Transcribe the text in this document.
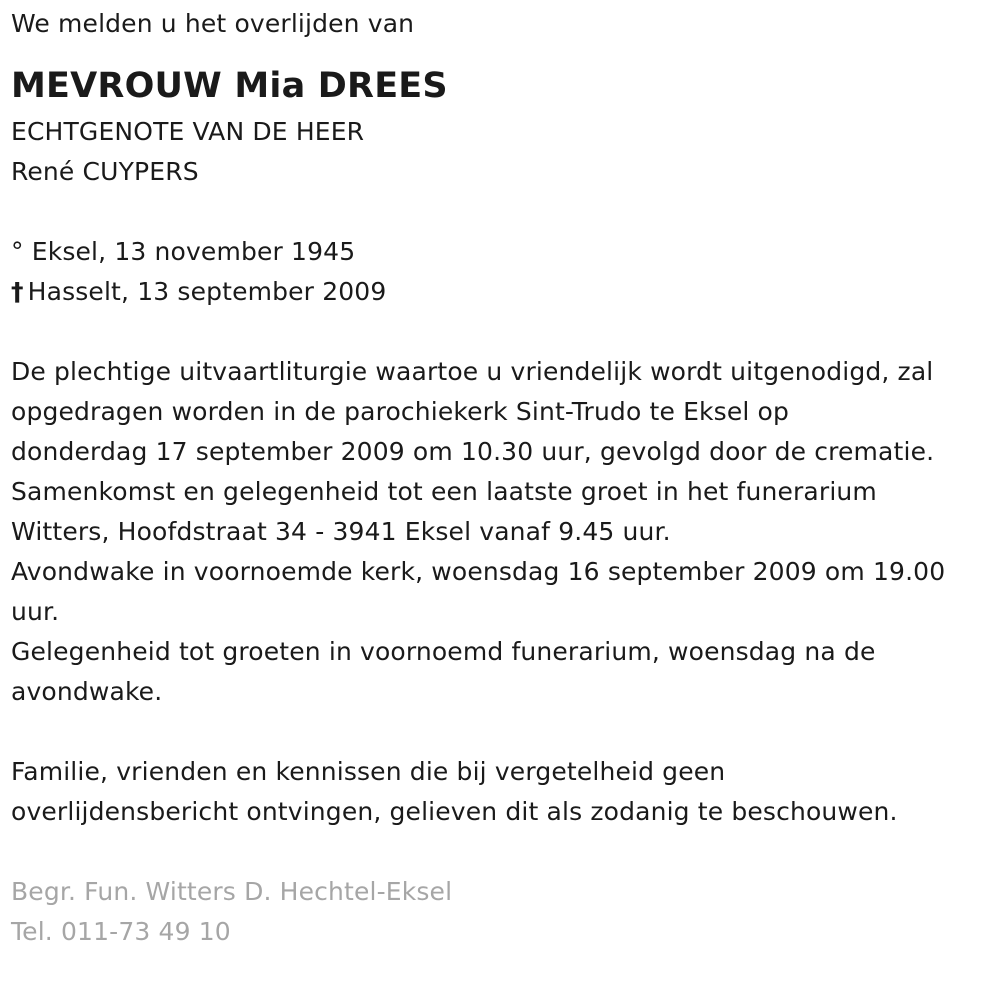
We melden u het overlijden van
MEVROUW Mia DREES
ECHTGENOTE VAN DE HEER
René CUYPERS
° Eksel, 13 november 1945
† Hasselt, 13 september 2009
De plechtige uitvaartliturgie waartoe u vriendelijk wordt uitgenodigd, zal
opgedragen worden in de parochiekerk Sint-Trudo te Eksel op
donderdag 17 september 2009 om 10.30 uur, gevolgd door de crematie.
Samenkomst en gelegenheid tot een laatste groet in het funerarium
Witters, Hoofdstraat 34 - 3941 Eksel vanaf 9.45 uur.
Avondwake in voornoemde kerk, woensdag 16 september 2009 om 19.00
uur.
Gelegenheid tot groeten in voornoemd funerarium, woensdag na de
avondwake.
Familie, vrienden en kennissen die bij vergetelheid geen
overlijdensbericht ontvingen, gelieven dit als zodanig te beschouwen.
Begr. Fun. Witters D. Hechtel-Eksel
Tel. 011-73 49 10
